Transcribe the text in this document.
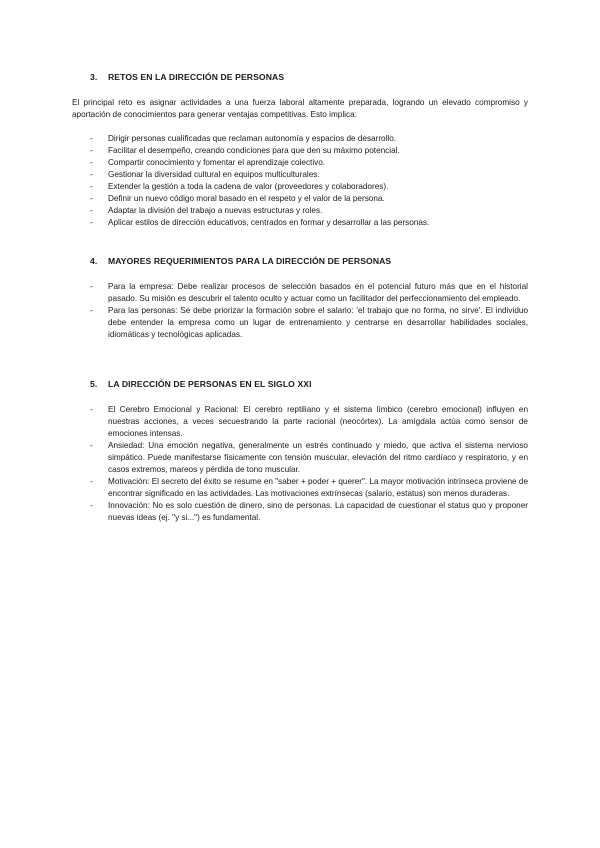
3.	RETOS EN LA DIRECCIÓN DE PERSONAS

El principal reto es asignar actividades a una fuerza laboral altamente preparada, logrando un elevado compromiso y aportación de conocimientos para generar ventajas competitivas. Esto implica:

-	Dirigir personas cualificadas que reclaman autonomía y espacios de desarrollo.
-	Facilitar el desempeño, creando condiciones para que den su máximo potencial.
-	Compartir conocimiento y fomentar el aprendizaje colectivo.
-	Gestionar la diversidad cultural en equipos multiculturales.
-	Extender la gestión a toda la cadena de valor (proveedores y colaboradores).
-	Definir un nuevo código moral basado en el respeto y el valor de la persona.
-	Adaptar la división del trabajo a nuevas estructuras y roles.
-	Aplicar estilos de dirección educativos, centrados en formar y desarrollar a las personas.
4.	MAYORES REQUERIMIENTOS PARA LA DIRECCIÓN DE PERSONAS
-	Para la empresa: Debe realizar procesos de selección basados en el potencial futuro más que en el historial pasado. Su misión es descubrir el talento oculto y actuar como un facilitador del perfeccionamiento del empleado.
-	Para las personas: Se debe priorizar la formación sobre el salario: 'el trabajo que no forma, no sirve'. El individuo debe entender la empresa como un lugar de entrenamiento y centrarse en desarrollar habilidades sociales, idiomáticas y tecnológicas aplicadas.
5.	LA DIRECCIÓN DE PERSONAS EN EL SIGLO XXI
-	El Cerebro Emocional y Racional: El cerebro reptiliano y el sistema límbico (cerebro emocional) influyen en nuestras acciones, a veces secuestrando la parte racional (neocórtex). La amígdala actúa como sensor de emociones intensas.
-	Ansiedad: Una emoción negativa, generalmente un estrés continuado y miedo, que activa el sistema nervioso simpático. Puede manifestarse físicamente con tensión muscular, elevación del ritmo cardíaco y respiratorio, y en casos extremos, mareos y pérdida de tono muscular.
-	Motivación: El secreto del éxito se resume en "saber + poder + querer". La mayor motivación intrínseca proviene de encontrar significado en las actividades. Las motivaciones extrínsecas (salario, estatus) son menos duraderas.
-	Innovación: No es solo cuestión de dinero, sino de personas. La capacidad de cuestionar el status quo y proponer nuevas ideas (ej. "y si...") es fundamental.
